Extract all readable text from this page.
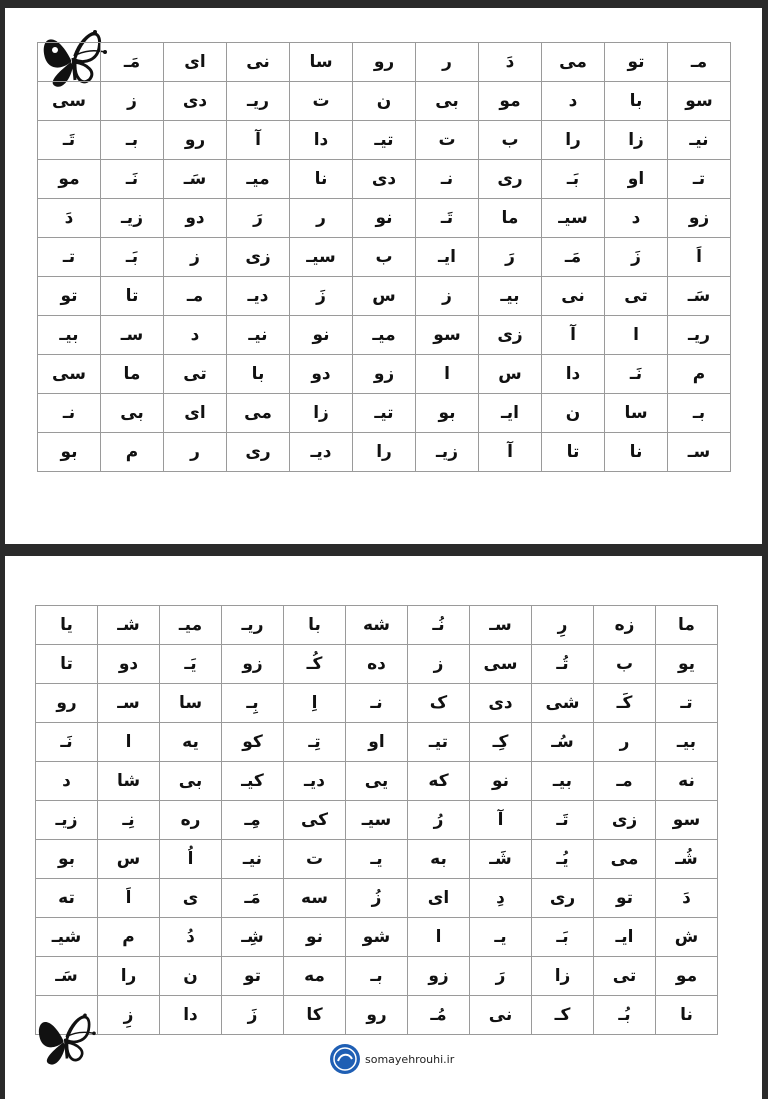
مـ	تو	می	دَ	ر	رو	سا	نی	ای	مَـ	
سو	با	د	مو	بی	ن	ت	ریـ	دی	ز	سی
نیـ	زا	را	ب	ت	تیـ	دا	آ	رو	بـ	تَـ
تـ	او	بَـ	ری	نـ	دی	نا	میـ	سَـ	نَـ	مو
زو	د	سیـ	ما	تَـ	نو	ر	رَ	دو	زیـ	دَ
اَ	زَ	مَـ	رَ	ایـ	ب	سیـ	زی	ز	بَـ	تـ
سَـ	تی	نی	بیـ	ز	س	زَ	دیـ	مـ	تا	تو
ریـ	ا	آ	زی	سو	میـ	نو	نیـ	د	سـ	بیـ
م	نَـ	دا	س	ا	زو	دو	با	تی	ما	سی
بـ	سا	ن	ایـ	بو	تیـ	زا	می	ای	بی	نـ
سـ	نا	تا	آ	زیـ	را	دیـ	ری	ر	م	بو
ما	زه	رِ	سـ	نُـ	شه	با	ریـ	میـ	شـ	یا
یو	ب	تُـ	سی	ز	ده	کُـ	زو	یَـ	دو	تا
تـ	کَـ	شی	دی	ک	نـ	اِ	بِـ	سا	سـ	رو
بیـ	ر	سُـ	کِـ	تیـ	او	تِـ	کو	یه	ا	نَـ
نه	مـ	بیـ	نو	که	یی	دیـ	کیـ	بی	شا	د
سو	زی	تَـ	آ	رُ	سیـ	کی	مِـ	ره	نِـ	زیـ
شُـ	می	یُـ	شَـ	به	یـ	ت	نیـ	اُ	س	بو
دَ	تو	ری	دِ	ای	زُ	سه	مَـ	ی	اَ	ته
ش	ایـ	بَـ	یـ	ا	شو	نو	شِـ	دُ	م	شیـ
مو	تی	زا	رَ	زو	بـ	مه	تو	ن	را	سَـ
نا	بُـ	کـ	نی	مُـ	رو	کا	زَ	دا	زِ	
somayehrouhi.ir
